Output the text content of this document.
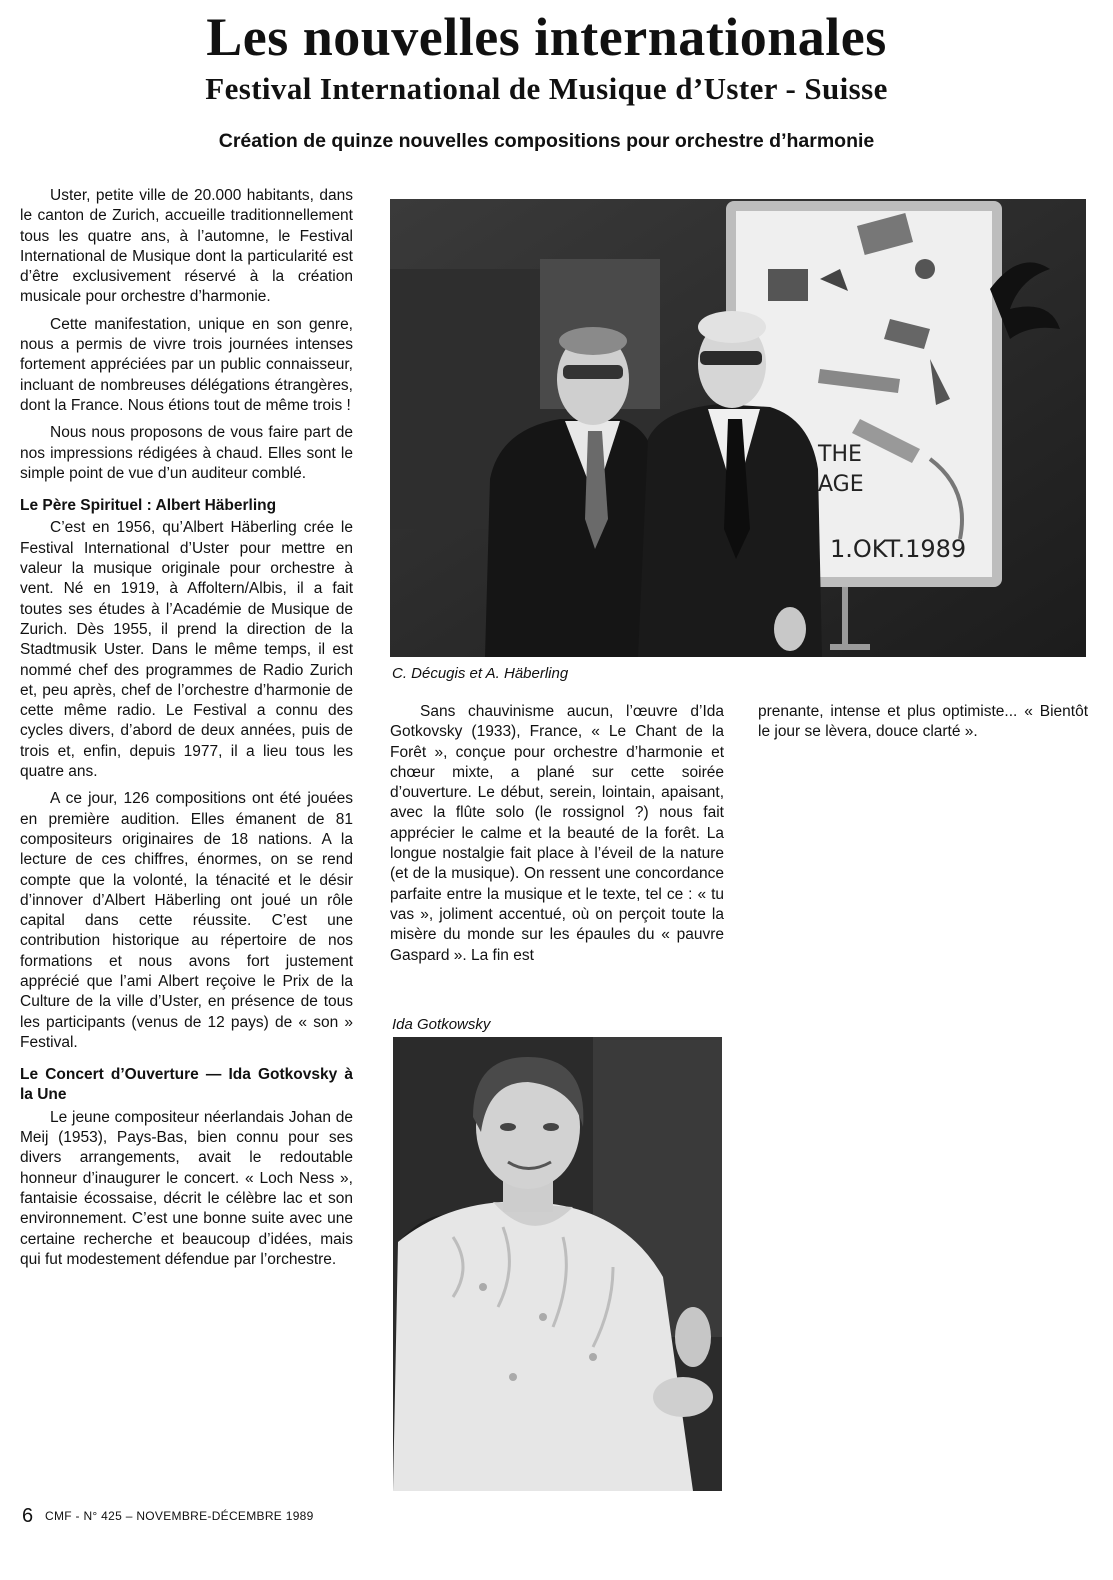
Les nouvelles internationales
Festival International de Musique d’Uster - Suisse

Création de quinze nouvelles compositions pour orchestre d’harmonie

Uster, petite ville de 20.000 habitants, dans le canton de Zurich, accueille traditionnellement tous les quatre ans, à l’automne, le Festival International de Musique dont la particularité est d’être exclusivement réservé à la création musicale pour orchestre d’harmonie.

Cette manifestation, unique en son genre, nous a permis de vivre trois journées intenses fortement appréciées par un public connaisseur, incluant de nombreuses délégations étrangères, dont la France. Nous étions tout de même trois !

Nous nous proposons de vous faire part de nos impressions rédigées à chaud. Elles sont le simple point de vue d’un auditeur comblé.

Le Père Spirituel : Albert Häberling

C’est en 1956, qu’Albert Häberling crée le Festival International d’Uster pour mettre en valeur la musique originale pour orchestre à vent. Né en 1919, à Affoltern/Albis, il a fait toutes ses études à l’Académie de Musique de Zurich. Dès 1955, il prend la direction de la Stadtmusik Uster. Dans le même temps, il est nommé chef des programmes de Radio Zurich et, peu après, chef de l’orchestre d’harmonie de cette même radio. Le Festival a connu des cycles divers, d’abord de deux années, puis de trois et, enfin, depuis 1977, il a lieu tous les quatre ans.

A ce jour, 126 compositions ont été jouées en première audition. Elles émanent de 81 compositeurs originaires de 18 nations. A la lecture de ces chiffres, énormes, on se rend compte que la volonté, la ténacité et le désir d’innover d’Albert Häberling ont joué un rôle capital dans cette réussite. C’est une contribution historique au répertoire de nos formations et nous avons fort justement apprécié que l’ami Albert reçoive le Prix de la Culture de la ville d’Uster, en présence de tous les participants (venus de 12 pays) de « son » Festival.

Le Concert d’Ouverture — Ida Gotkovsky à la Une

Le jeune compositeur néerlandais Johan de Meij (1953), Pays-Bas, bien connu pour ses divers arrangements, avait le redoutable honneur d’inaugurer le concert. « Loch Ness », fantaisie écossaise, décrit le célèbre lac et son environnement. C’est une bonne suite avec une certaine recherche et beaucoup d’idées, mais qui fut modestement défendue par l’orchestre.

THE
AGE
1.OKT.1989

C. Décugis et A. Häberling

Sans chauvinisme aucun, l’œuvre d’Ida Gotkovsky (1933), France, « Le Chant de la Forêt », conçue pour orchestre d’harmonie et chœur mixte, a plané sur cette soirée d’ouverture. Le début, serein, lointain, apaisant, avec la flûte solo (le rossignol ?) nous fait apprécier le calme et la beauté de la forêt. La longue nostalgie fait place à l’éveil de la nature (et de la musique). On ressent une concordance parfaite entre la musique et le texte, tel ce : « tu vas », joliment accentué, où on perçoit toute la misère du monde sur les épaules du « pauvre Gaspard ». La fin est

prenante, intense et plus optimiste... « Bientôt le jour se lèvera, douce clarté ».

Ida Gotkowsky

6 CMF - N° 425 – NOVEMBRE-DÉCEMBRE 1989
